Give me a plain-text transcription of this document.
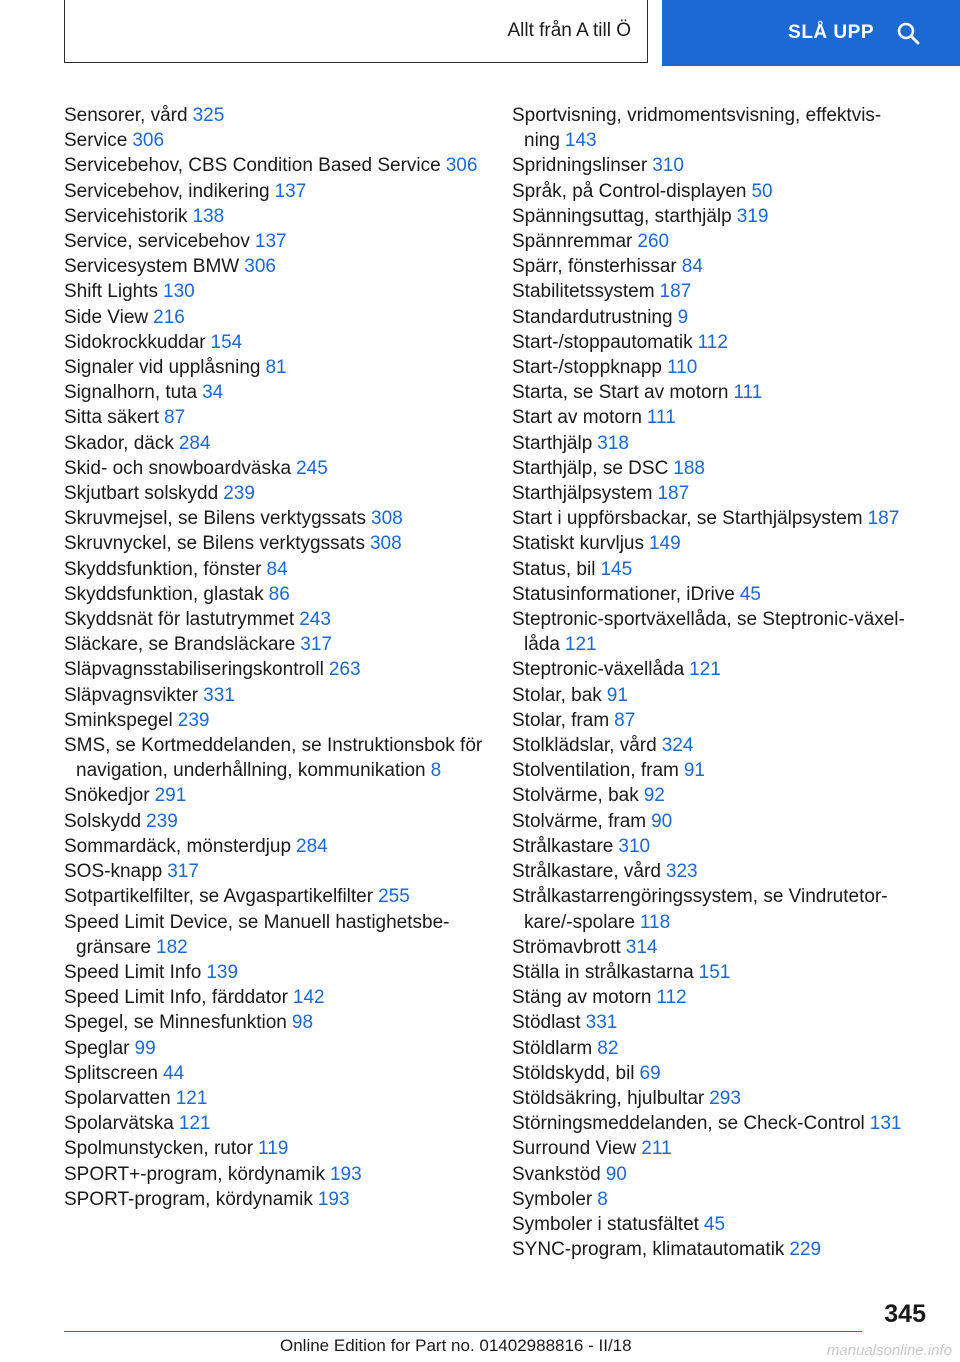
Allt från A till Ö	SLÅ UPP
Sensorer, vård 325
Service 306
Servicebehov, CBS Condition Based Service 306
Servicebehov, indikering 137
Servicehistorik 138
Service, servicebehov 137
Servicesystem BMW 306
Shift Lights 130
Side View 216
Sidokrockkuddar 154
Signaler vid upplåsning 81
Signalhorn, tuta 34
Sitta säkert 87
Skador, däck 284
Skid- och snowboardväska 245
Skjutbart solskydd 239
Skruvmejsel, se Bilens verktygssats 308
Skruvnyckel, se Bilens verktygssats 308
Skyddsfunktion, fönster 84
Skyddsfunktion, glastak 86
Skyddsnät för lastutrymmet 243
Släckare, se Brandsläckare 317
Släpvagnsstabiliseringskontroll 263
Släpvagnsvikter 331
Sminkspegel 239
SMS, se Kortmeddelanden, se Instruktionsbok för navigation, underhållning, kommunikation 8
Snökedjor 291
Solskydd 239
Sommardäck, mönsterdjup 284
SOS-knapp 317
Sotpartikelfilter, se Avgaspartikelfilter 255
Speed Limit Device, se Manuell hastighetsbegränsare 182
Speed Limit Info 139
Speed Limit Info, färddator 142
Spegel, se Minnesfunktion 98
Speglar 99
Splitscreen 44
Spolarvatten 121
Spolarvätska 121
Spolmunstycken, rutor 119
SPORT+-program, kördynamik 193
SPORT-program, kördynamik 193
Sportvisning, vridmomentsvisning, effektvisning 143
Spridningslinser 310
Språk, på Control-displayen 50
Spänningsuttag, starthjälp 319
Spännremmar 260
Spärr, fönsterhissar 84
Stabilitetssystem 187
Standardutrustning 9
Start-/stoppautomatik 112
Start-/stoppknapp 110
Starta, se Start av motorn 111
Start av motorn 111
Starthjälp 318
Starthjälp, se DSC 188
Starthjälpsystem 187
Start i uppförsbackar, se Starthjälpsystem 187
Statiskt kurvljus 149
Status, bil 145
Statusinformationer, iDrive 45
Steptronic-sportväxellåda, se Steptronic-växellåda 121
Steptronic-växellåda 121
Stolar, bak 91
Stolar, fram 87
Stolklädslar, vård 324
Stolventilation, fram 91
Stolvärme, bak 92
Stolvärme, fram 90
Strålkastare 310
Strålkastare, vård 323
Strålkastarrengöringssystem, se Vindrutetorkare/-spolare 118
Strömavbrott 314
Ställa in strålkastarna 151
Stäng av motorn 112
Stödlast 331
Stöldlarm 82
Stöldskydd, bil 69
Stöldsäkring, hjulbultar 293
Störningsmeddelanden, se Check-Control 131
Surround View 211
Svankstöd 90
Symboler 8
Symboler i statusfältet 45
SYNC-program, klimatautomatik 229
345
Online Edition for Part no. 01402988816 - II/18	manualsonline.info
